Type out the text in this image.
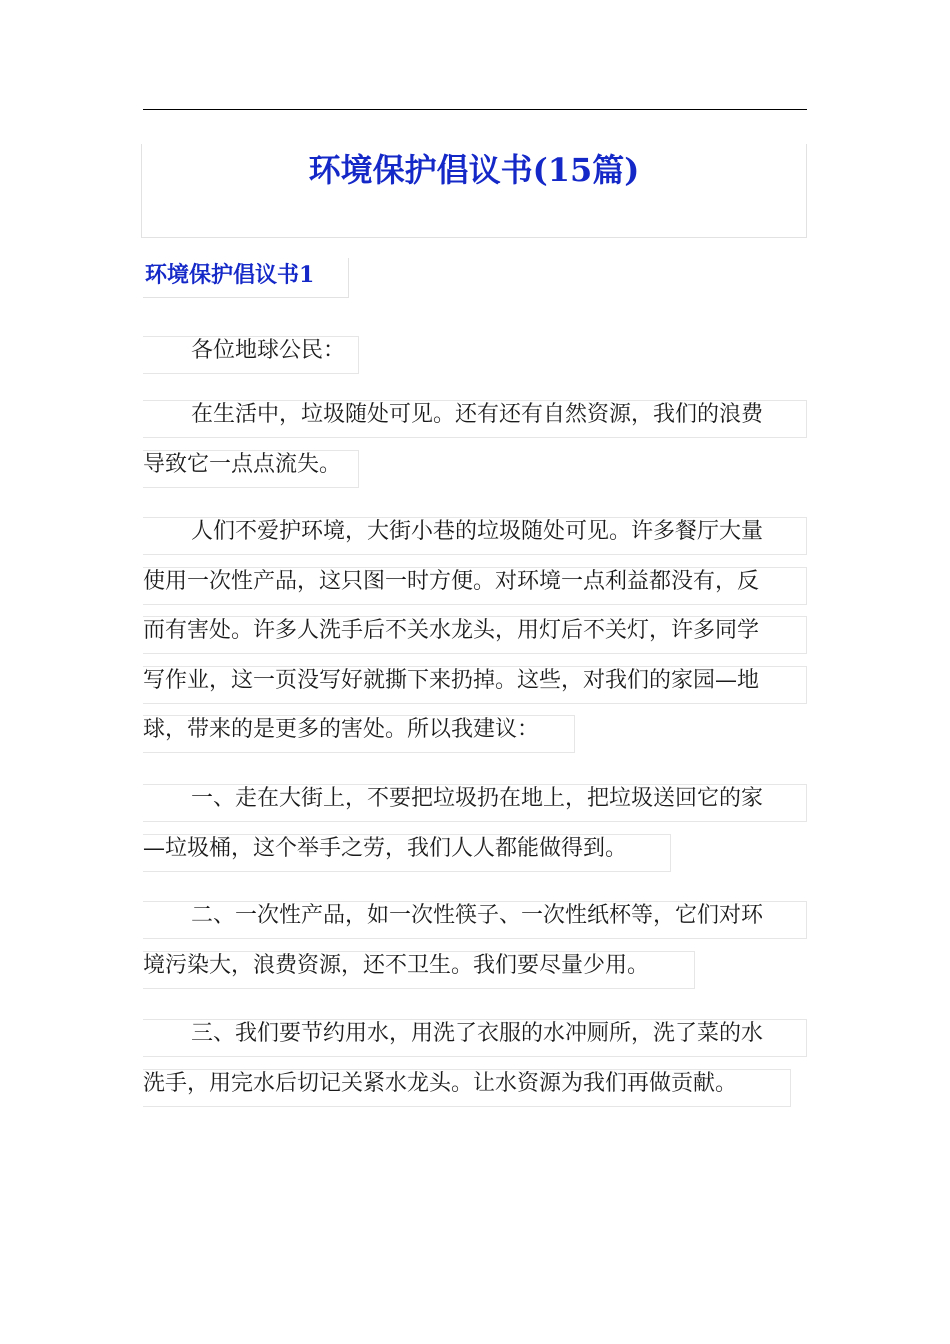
环境保护倡议书(15篇)
环境保护倡议书1
各位地球公民：
在生活中，垃圾随处可见。还有还有自然资源，我们的浪费
导致它一点点流失。
人们不爱护环境，大街小巷的垃圾随处可见。许多餐厅大量
使用一次性产品，这只图一时方便。对环境一点利益都没有，反
而有害处。许多人洗手后不关水龙头，用灯后不关灯，许多同学
写作业，这一页没写好就撕下来扔掉。这些，对我们的家园—地
球，带来的是更多的害处。所以我建议：
一、走在大街上，不要把垃圾扔在地上，把垃圾送回它的家
—垃圾桶，这个举手之劳，我们人人都能做得到。
二、一次性产品，如一次性筷子、一次性纸杯等，它们对环
境污染大，浪费资源，还不卫生。我们要尽量少用。
三、我们要节约用水，用洗了衣服的水冲厕所，洗了菜的水
洗手，用完水后切记关紧水龙头。让水资源为我们再做贡献。
